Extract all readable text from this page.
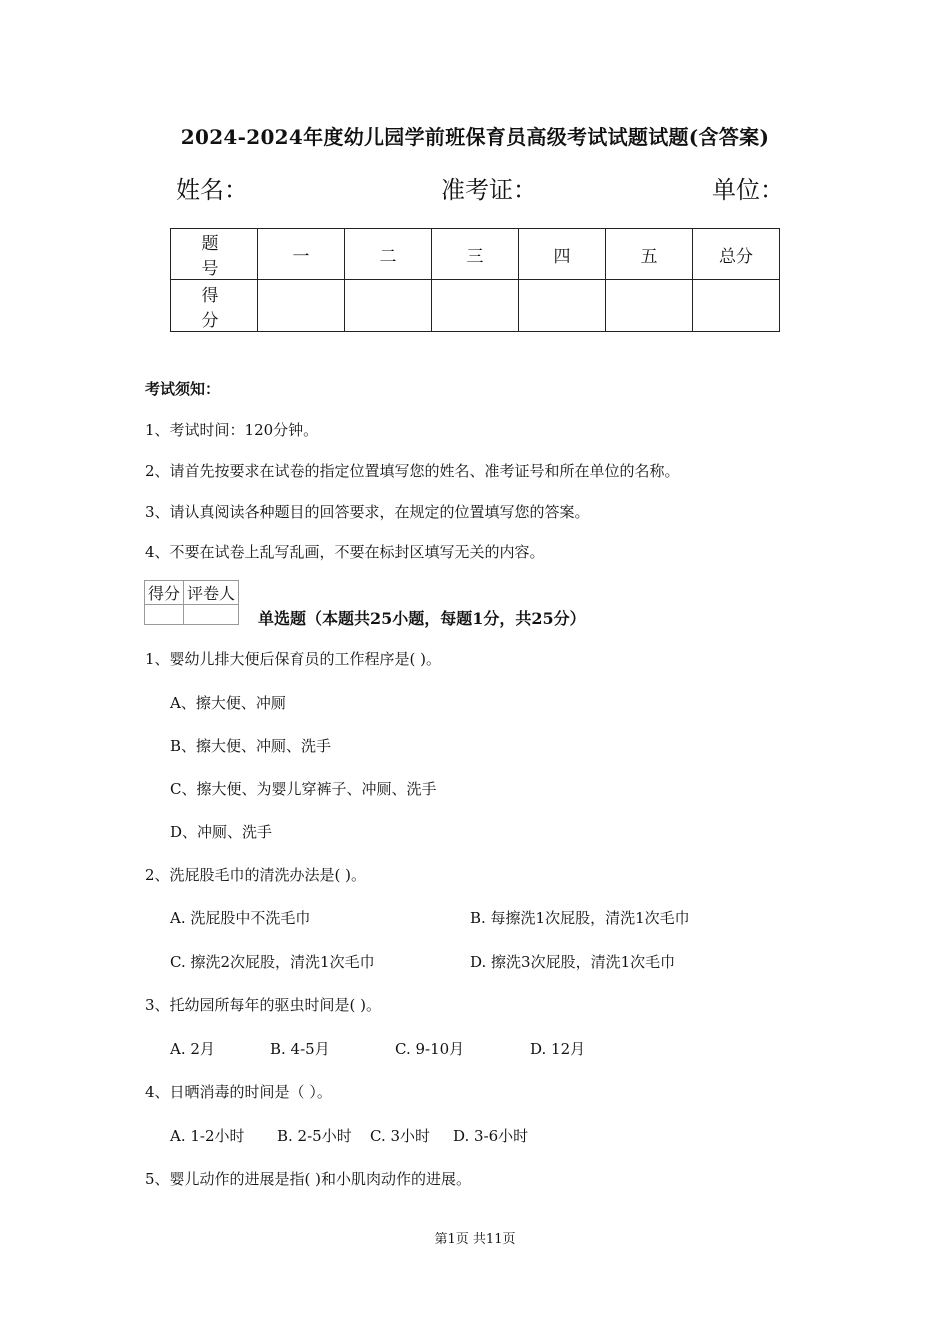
2024-2024年度幼儿园学前班保育员高级考试试题试题(含答案)
姓名：	准考证：	单位：
题号	一	二	三	四	五	总分
得分						
考试须知：
1、考试时间：120分钟。
2、请首先按要求在试卷的指定位置填写您的姓名、准考证号和所在单位的名称。
3、请认真阅读各种题目的回答要求，在规定的位置填写您的答案。
4、不要在试卷上乱写乱画，不要在标封区填写无关的内容。
得分	评卷人

单选题（本题共25小题，每题1分，共25分）
1、婴幼儿排大便后保育员的工作程序是( )。
A、擦大便、冲厕
B、擦大便、冲厕、洗手
C、擦大便、为婴儿穿裤子、冲厕、洗手
D、冲厕、洗手
2、洗屁股毛巾的清洗办法是( )。
A. 洗屁股中不洗毛巾	B. 每擦洗1次屁股，清洗1次毛巾
C. 擦洗2次屁股，清洗1次毛巾	D. 擦洗3次屁股，清洗1次毛巾
3、托幼园所每年的驱虫时间是( )。
A. 2月	B. 4-5月	C. 9-10月	D. 12月
4、日晒消毒的时间是（ ）。
A. 1-2小时 B. 2-5小时 C. 3小时 D. 3-6小时
5、婴儿动作的进展是指( )和小肌肉动作的进展。
第1页 共11页
